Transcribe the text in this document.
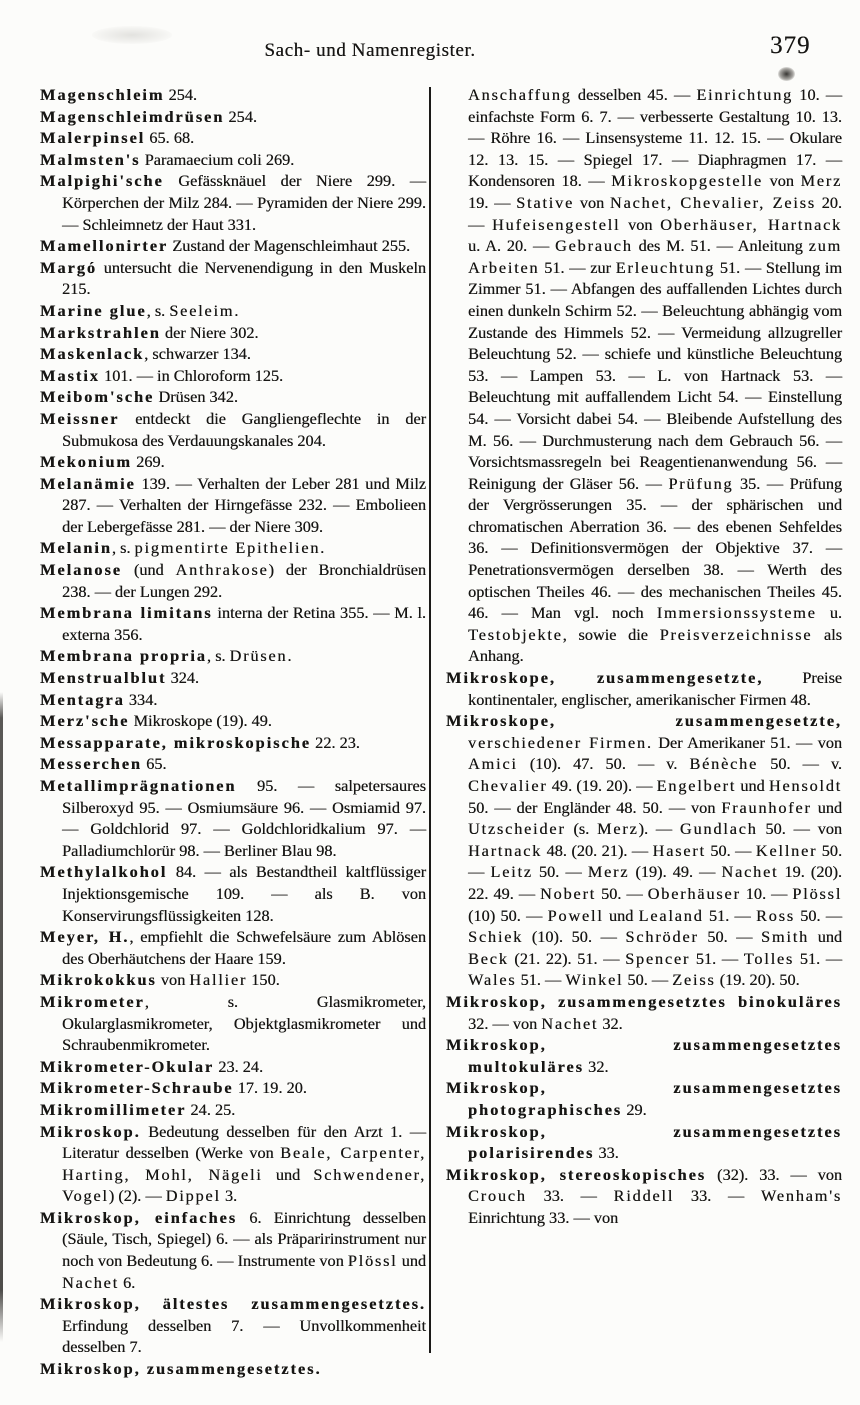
Sach- und Namenregister.	379
Magenschleim 254.
Magenschleimdrüsen 254.
Malerpinsel 65. 68.
Malmsten's Paramaecium coli 269.
Malpighi'sche Gefässknäuel der Niere 299. — Körperchen der Milz 284. — Pyramiden der Niere 299. — Schleimnetz der Haut 331.
Mamellonirter Zustand der Magenschleimhaut 255.
Margó untersucht die Nervenendigung in den Muskeln 215.
Marine glue, s. Seeleim.
Markstrahlen der Niere 302.
Maskenlack, schwarzer 134.
Mastix 101. — in Chloroform 125.
Meibom'sche Drüsen 342.
Meissner entdeckt die Gangliengeflechte in der Submukosa des Verdauungskanales 204.
Mekonium 269.
Melanämie 139. — Verhalten der Leber 281 und Milz 287. — Verhalten der Hirngefässe 232. — Embolieen der Lebergefässe 281. — der Niere 309.
Melanin, s. pigmentirte Epithelien.
Melanose (und Anthrakose) der Bronchialdrüsen 238. — der Lungen 292.
Membrana limitans interna der Retina 355. — M. l. externa 356.
Membrana propria, s. Drüsen.
Menstrualblut 324.
Mentagra 334.
Merz'sche Mikroskope (19). 49.
Messapparate, mikroskopische 22. 23.
Messerchen 65.
Metallimprägnationen 95. — salpetersaures Silberoxyd 95. — Osmiumsäure 96. — Osmiamid 97. — Goldchlorid 97. — Goldchloridkalium 97. — Palladiumchlorür 98. — Berliner Blau 98.
Methylalkohol 84. — als Bestandtheil kaltflüssiger Injektionsgemische 109. — als B. von Konservirungsflüssigkeiten 128.
Meyer, H., empfiehlt die Schwefelsäure zum Ablösen des Oberhäutchens der Haare 159.
Mikrokokkus von Hallier 150.
Mikrometer, s. Glasmikrometer, Okularglasmikrometer, Objektglasmikrometer und Schraubenmikrometer.
Mikrometer-Okular 23. 24.
Mikrometer-Schraube 17. 19. 20.
Mikromillimeter 24. 25.
Mikroskop. Bedeutung desselben für den Arzt 1. — Literatur desselben (Werke von Beale, Carpenter, Harting, Mohl, Nägeli und Schwendener, Vogel) (2). — Dippel 3.
Mikroskop, einfaches 6. Einrichtung desselben (Säule, Tisch, Spiegel) 6. — als Präparirinstrument nur noch von Bedeutung 6. — Instrumente von Plössl und Nachet 6.
Mikroskop, ältestes zusammengesetztes. Erfindung desselben 7. — Unvollkommenheit desselben 7.
Mikroskop, zusammengesetztes.
Anschaffung desselben 45. — Einrichtung 10. — einfachste Form 6. 7. — verbesserte Gestaltung 10. 13. — Röhre 16. — Linsensysteme 11. 12. 15. — Okulare 12. 13. 15. — Spiegel 17. — Diaphragmen 17. — Kondensoren 18. — Mikroskopgestelle von Merz 19. — Stative von Nachet, Chevalier, Zeiss 20. — Hufeisengestell von Oberhäuser, Hartnack u. A. 20. — Gebrauch des M. 51. — Anleitung zum Arbeiten 51. — zur Erleuchtung 51. — Stellung im Zimmer 51. — Abfangen des auffallenden Lichtes durch einen dunkeln Schirm 52. — Beleuchtung abhängig vom Zustande des Himmels 52. — Vermeidung allzugreller Beleuchtung 52. — schiefe und künstliche Beleuchtung 53. — Lampen 53. — L. von Hartnack 53. — Beleuchtung mit auffallendem Licht 54. — Einstellung 54. — Vorsicht dabei 54. — Bleibende Aufstellung des M. 56. — Durchmusterung nach dem Gebrauch 56. — Vorsichtsmassregeln bei Reagentienanwendung 56. — Reinigung der Gläser 56. — Prüfung 35. — Prüfung der Vergrösserungen 35. — der sphärischen und chromatischen Aberration 36. — des ebenen Sehfeldes 36. — Definitionsvermögen der Objektive 37. — Penetrationsvermögen derselben 38. — Werth des optischen Theiles 46. — des mechanischen Theiles 45. 46. — Man vgl. noch Immersionssysteme u. Testobjekte, sowie die Preisverzeichnisse als Anhang.
Mikroskope, zusammengesetzte, Preise kontinentaler, englischer, amerikanischer Firmen 48.
Mikroskope, zusammengesetzte, verschiedener Firmen. Der Amerikaner 51. — von Amici (10). 47. 50. — v. Bénèche 50. — v. Chevalier 49. (19. 20). — Engelbert und Hensoldt 50. — der Engländer 48. 50. — von Fraunhofer und Utzscheider (s. Merz). — Gundlach 50. — von Hartnack 48. (20. 21). — Hasert 50. — Kellner 50. — Leitz 50. — Merz (19). 49. — Nachet 19. (20). 22. 49. — Nobert 50. — Oberhäuser 10. — Plössl (10) 50. — Powell und Lealand 51. — Ross 50. — Schiek (10). 50. — Schröder 50. — Smith und Beck (21. 22). 51. — Spencer 51. — Tolles 51. — Wales 51. — Winkel 50. — Zeiss (19. 20). 50.
Mikroskop, zusammengesetztes binokuläres 32. — von Nachet 32.
Mikroskop, zusammengesetztes multokuläres 32.
Mikroskop, zusammengesetztes photographisches 29.
Mikroskop, zusammengesetztes polarisirendes 33.
Mikroskop, stereoskopisches (32). 33. — von Crouch 33. — Riddell 33. — Wenham's Einrichtung 33. — von
